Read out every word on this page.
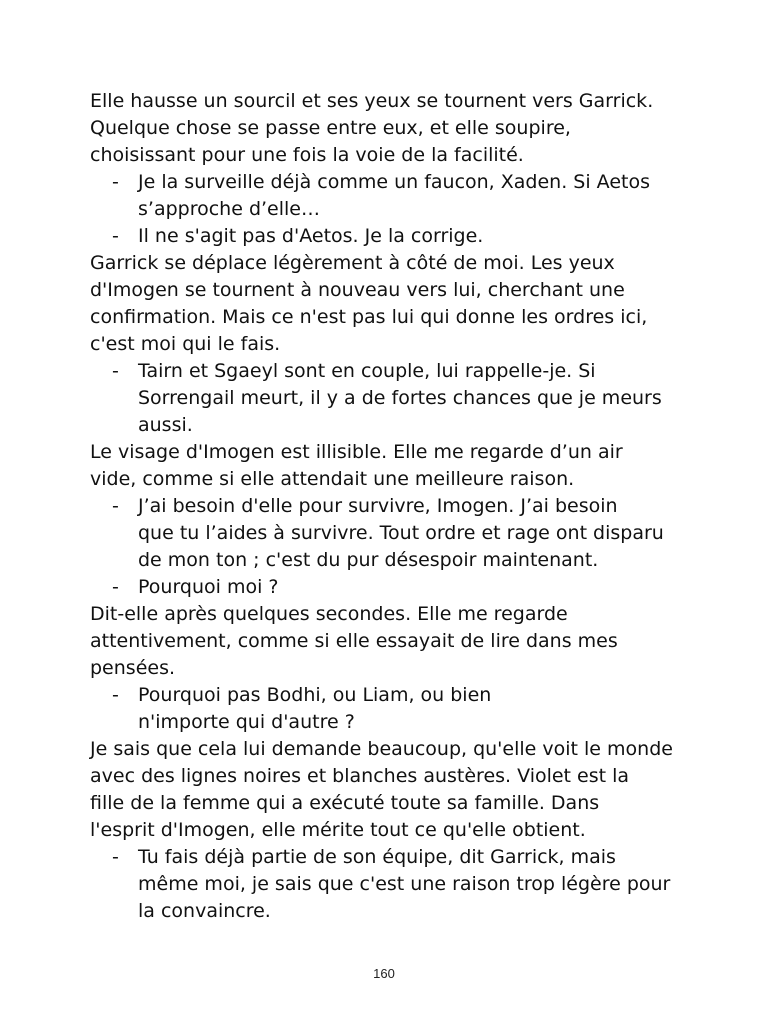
Elle hausse un sourcil et ses yeux se tournent vers Garrick.
Quelque chose se passe entre eux, et elle soupire,
choisissant pour une fois la voie de la facilité.
- Je la surveille déjà comme un faucon, Xaden. Si Aetos
s’approche d’elle…
- Il ne s'agit pas d'Aetos. Je la corrige.
Garrick se déplace légèrement à côté de moi. Les yeux
d'Imogen se tournent à nouveau vers lui, cherchant une
confirmation. Mais ce n'est pas lui qui donne les ordres ici,
c'est moi qui le fais.
- Tairn et Sgaeyl sont en couple, lui rappelle-je. Si
Sorrengail meurt, il y a de fortes chances que je meurs
aussi.
Le visage d'Imogen est illisible. Elle me regarde d’un air
vide, comme si elle attendait une meilleure raison.
- J’ai besoin d'elle pour survivre, Imogen. J’ai besoin
que tu l’aides à survivre. Tout ordre et rage ont disparu
de mon ton ; c'est du pur désespoir maintenant.
- Pourquoi moi ?
Dit-elle après quelques secondes. Elle me regarde
attentivement, comme si elle essayait de lire dans mes
pensées.
- Pourquoi pas Bodhi, ou Liam, ou bien
n'importe qui d'autre ?
Je sais que cela lui demande beaucoup, qu'elle voit le monde
avec des lignes noires et blanches austères. Violet est la
fille de la femme qui a exécuté toute sa famille. Dans
l'esprit d'Imogen, elle mérite tout ce qu'elle obtient.
- Tu fais déjà partie de son équipe, dit Garrick, mais
même moi, je sais que c'est une raison trop légère pour
la convaincre.
160
